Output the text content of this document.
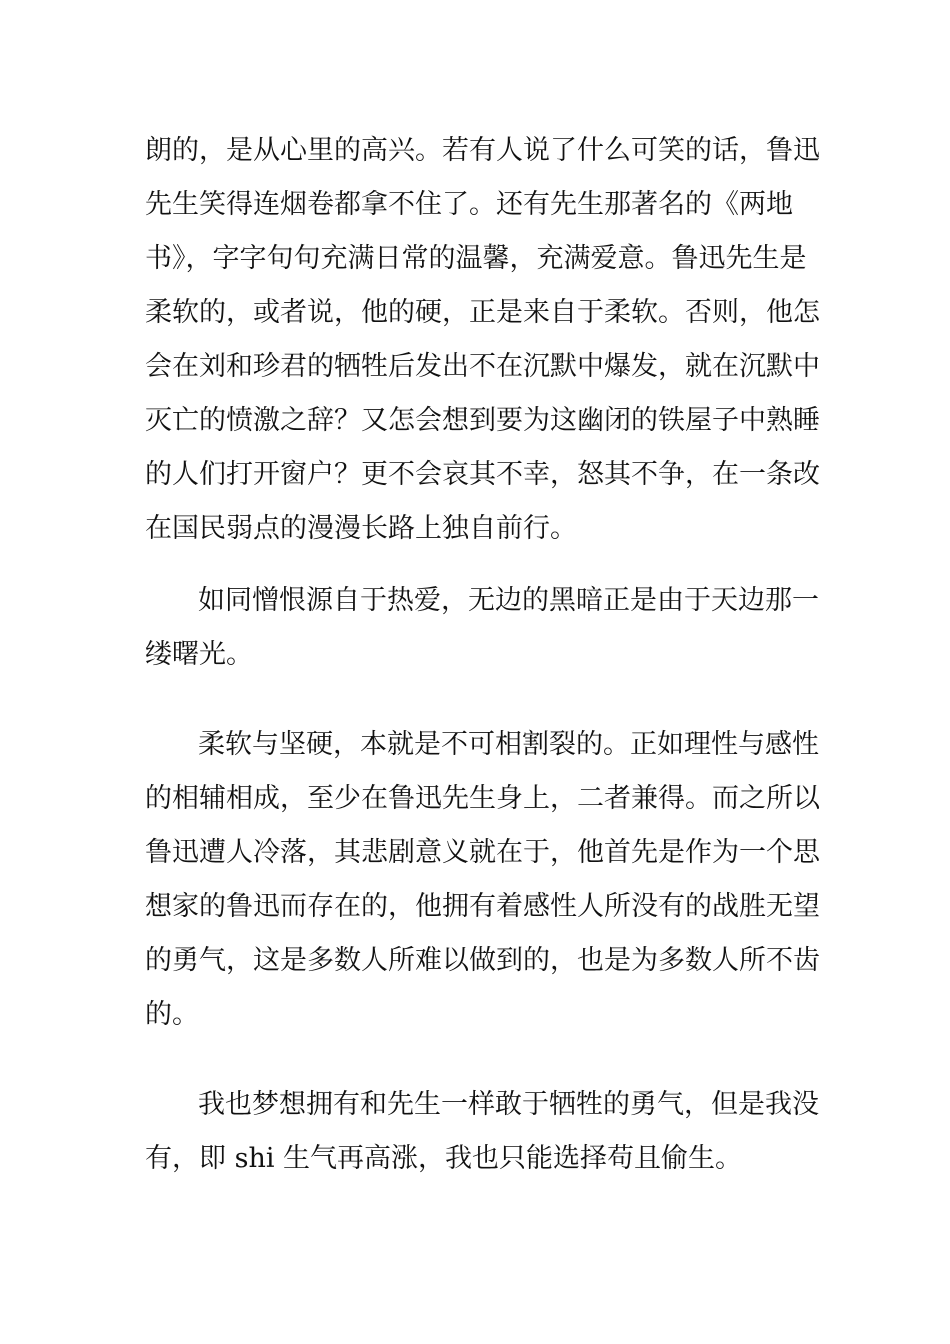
朗的，是从心里的高兴。若有人说了什么可笑的话，鲁迅
先生笑得连烟卷都拿不住了。还有先生那著名的《两地
书》，字字句句充满日常的温馨，充满爱意。鲁迅先生是
柔软的，或者说，他的硬，正是来自于柔软。否则，他怎
会在刘和珍君的牺牲后发出不在沉默中爆发，就在沉默中
灭亡的愤激之辞？又怎会想到要为这幽闭的铁屋子中熟睡
的人们打开窗户？更不会哀其不幸，怒其不争，在一条改
在国民弱点的漫漫长路上独自前行。
如同憎恨源自于热爱，无边的黑暗正是由于天边那一
缕曙光。
柔软与坚硬，本就是不可相割裂的。正如理性与感性
的相辅相成，至少在鲁迅先生身上，二者兼得。而之所以
鲁迅遭人冷落，其悲剧意义就在于，他首先是作为一个思
想家的鲁迅而存在的，他拥有着感性人所没有的战胜无望
的勇气，这是多数人所难以做到的，也是为多数人所不齿
的。
我也梦想拥有和先生一样敢于牺牲的勇气，但是我没
有，即 shi 生气再高涨，我也只能选择苟且偷生。
